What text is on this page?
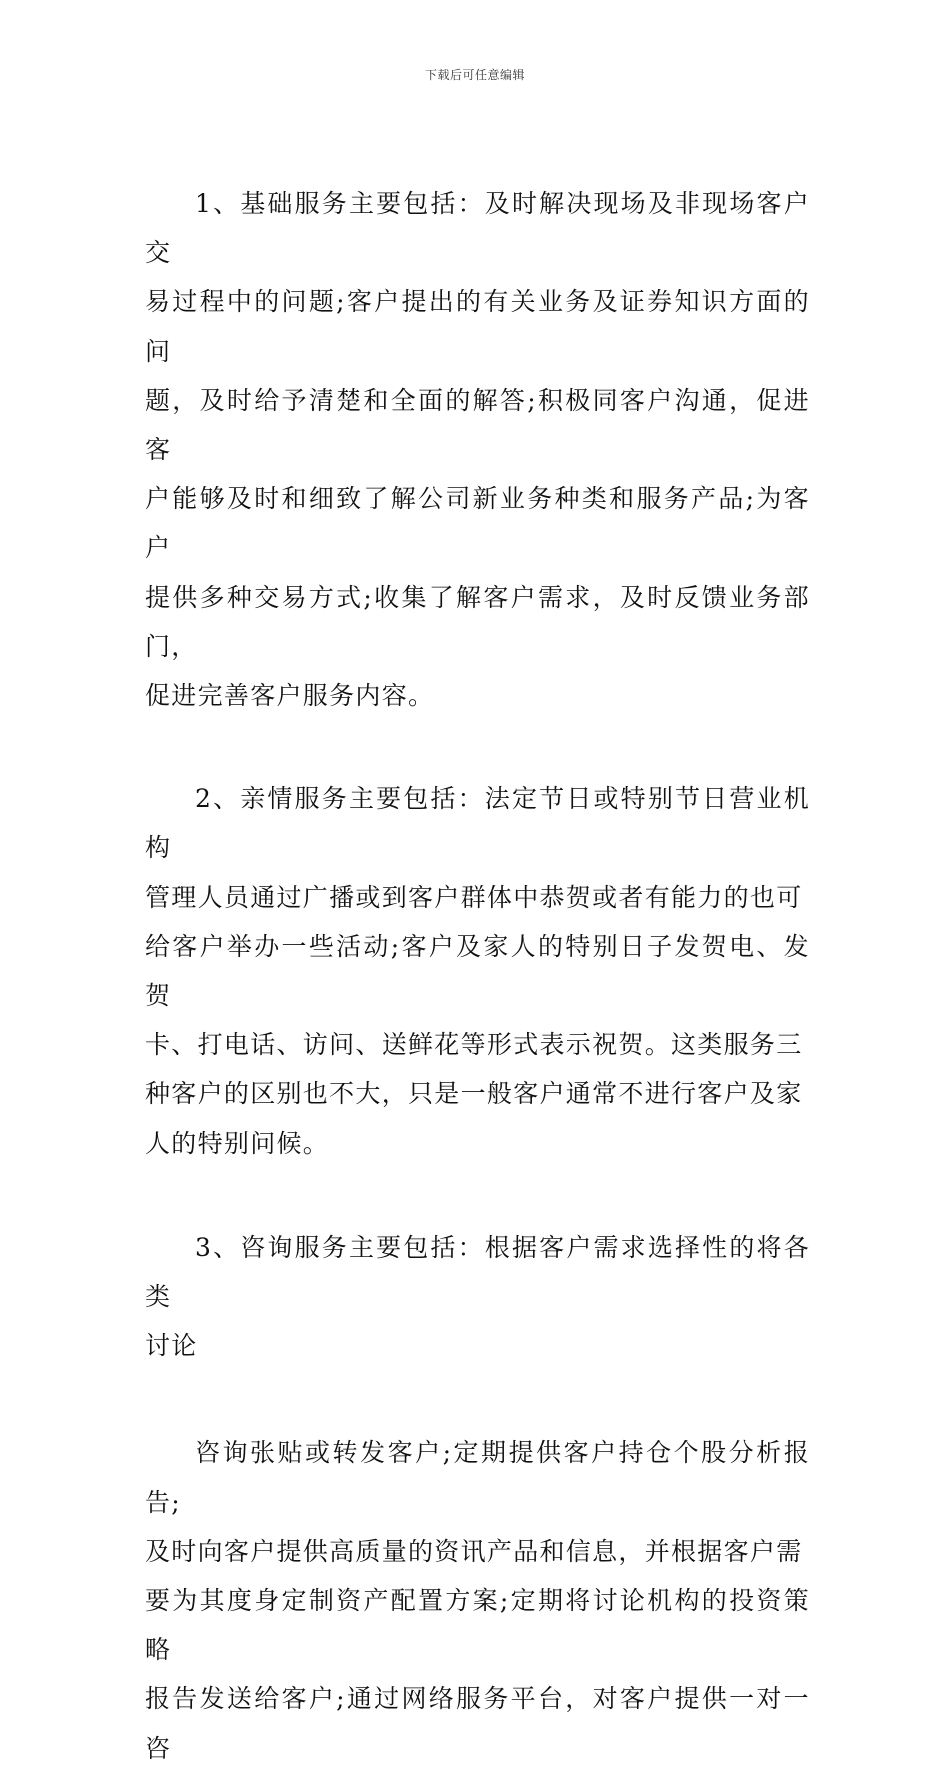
下载后可任意编辑

1、基础服务主要包括：及时解决现场及非现场客户交
易过程中的问题;客户提出的有关业务及证券知识方面的问
题，及时给予清楚和全面的解答;积极同客户沟通，促进客
户能够及时和细致了解公司新业务种类和服务产品;为客户
提供多种交易方式;收集了解客户需求，及时反馈业务部门，
促进完善客户服务内容。

2、亲情服务主要包括：法定节日或特别节日营业机构
管理人员通过广播或到客户群体中恭贺或者有能力的也可
给客户举办一些活动;客户及家人的特别日子发贺电、发贺
卡、打电话、访问、送鲜花等形式表示祝贺。这类服务三
种客户的区别也不大，只是一般客户通常不进行客户及家
人的特别问候。

3、咨询服务主要包括：根据客户需求选择性的将各类
讨论

咨询张贴或转发客户;定期提供客户持仓个股分析报告;
及时向客户提供高质量的资讯产品和信息，并根据客户需
要为其度身定制资产配置方案;定期将讨论机构的投资策略
报告发送给客户;通过网络服务平台，对客户提供一对一咨
